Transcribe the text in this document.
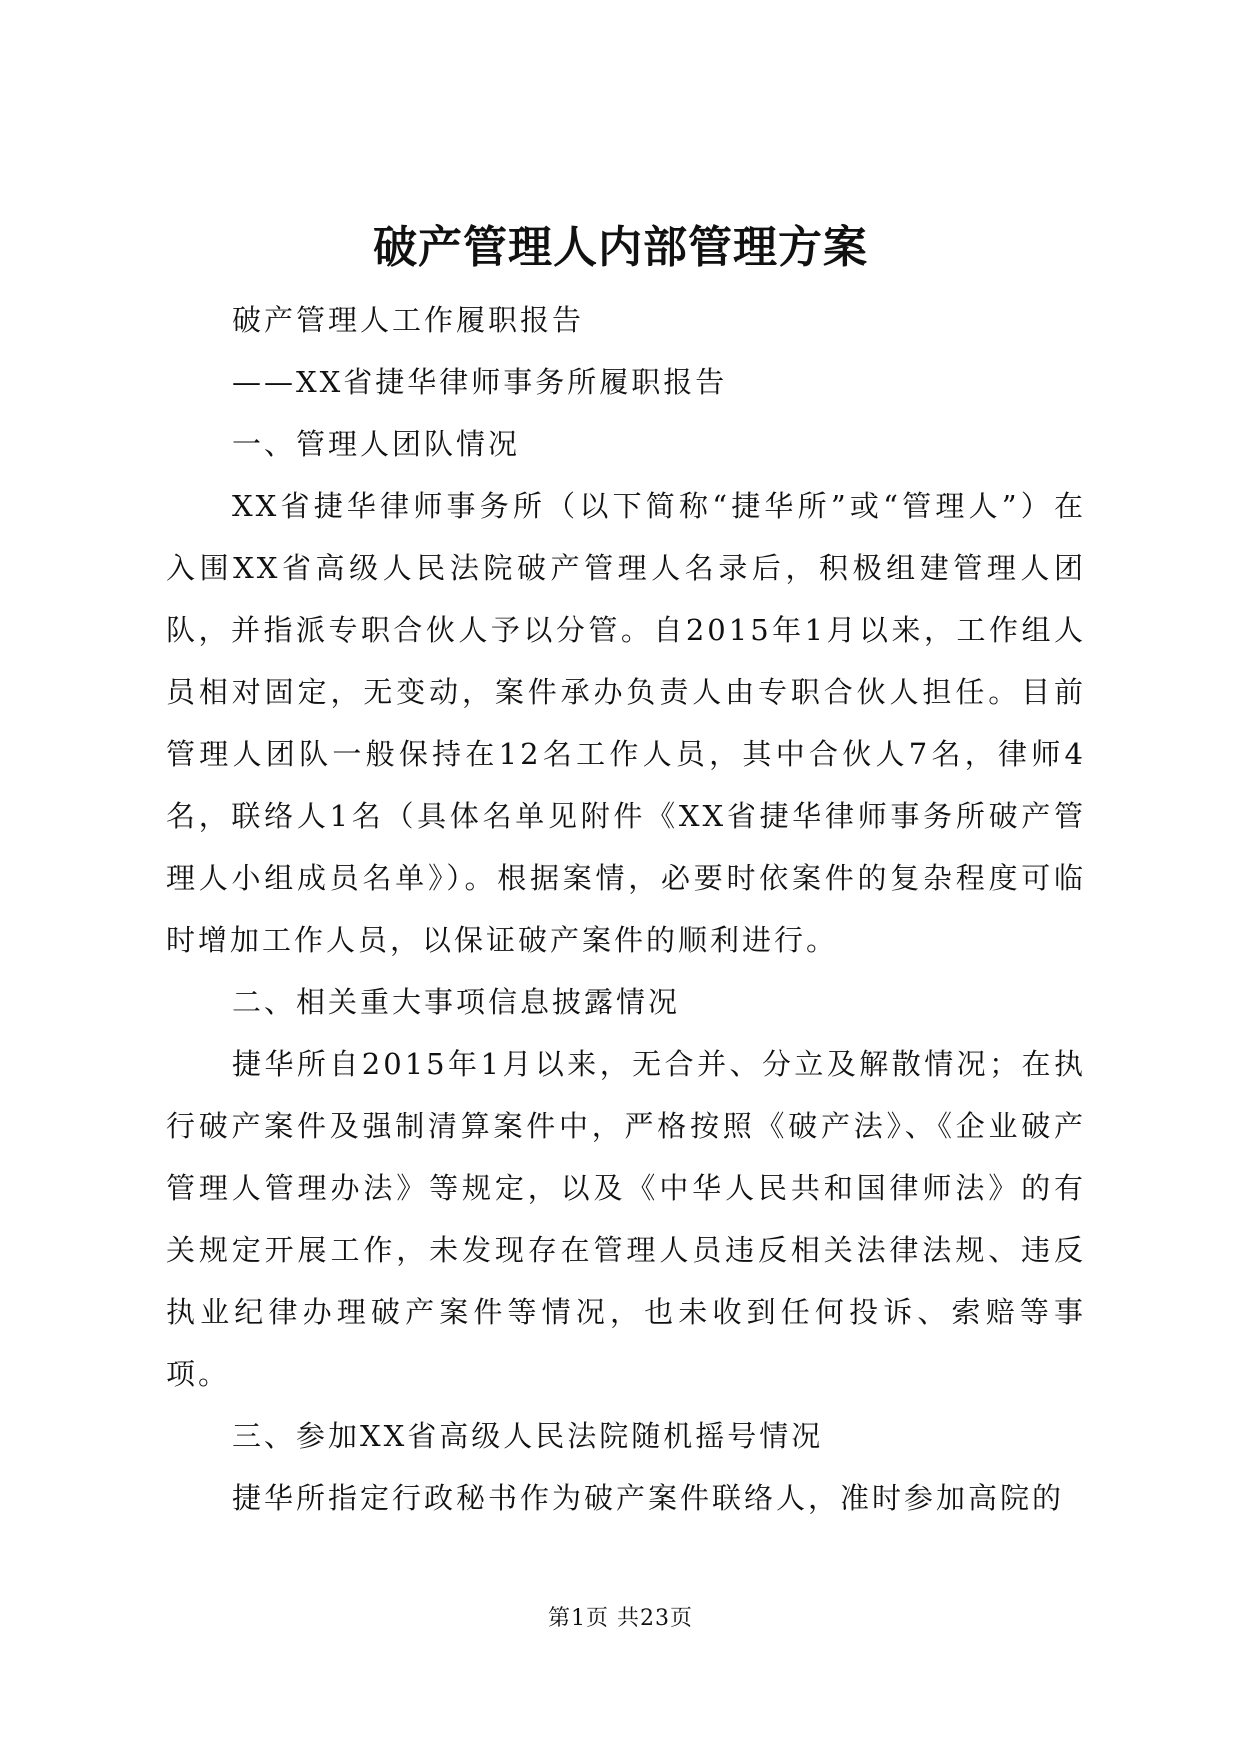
破产管理人内部管理方案

破产管理人工作履职报告

——XX省捷华律师事务所履职报告

一、管理人团队情况

XX省捷华律师事务所（以下简称“捷华所”或“管理人”）在入围XX省高级人民法院破产管理人名录后，积极组建管理人团队，并指派专职合伙人予以分管。自2015年1月以来，工作组人员相对固定，无变动，案件承办负责人由专职合伙人担任。目前管理人团队一般保持在12名工作人员，其中合伙人7名，律师4名，联络人1名（具体名单见附件《XX省捷华律师事务所破产管理人小组成员名单》）。根据案情，必要时依案件的复杂程度可临时增加工作人员，以保证破产案件的顺利进行。

二、相关重大事项信息披露情况

捷华所自2015年1月以来，无合并、分立及解散情况；在执行破产案件及强制清算案件中，严格按照《破产法》、《企业破产管理人管理办法》等规定，以及《中华人民共和国律师法》的有关规定开展工作，未发现存在管理人员违反相关法律法规、违反执业纪律办理破产案件等情况，也未收到任何投诉、索赔等事项。

三、参加XX省高级人民法院随机摇号情况

捷华所指定行政秘书作为破产案件联络人，准时参加高院的

第1页 共23页
